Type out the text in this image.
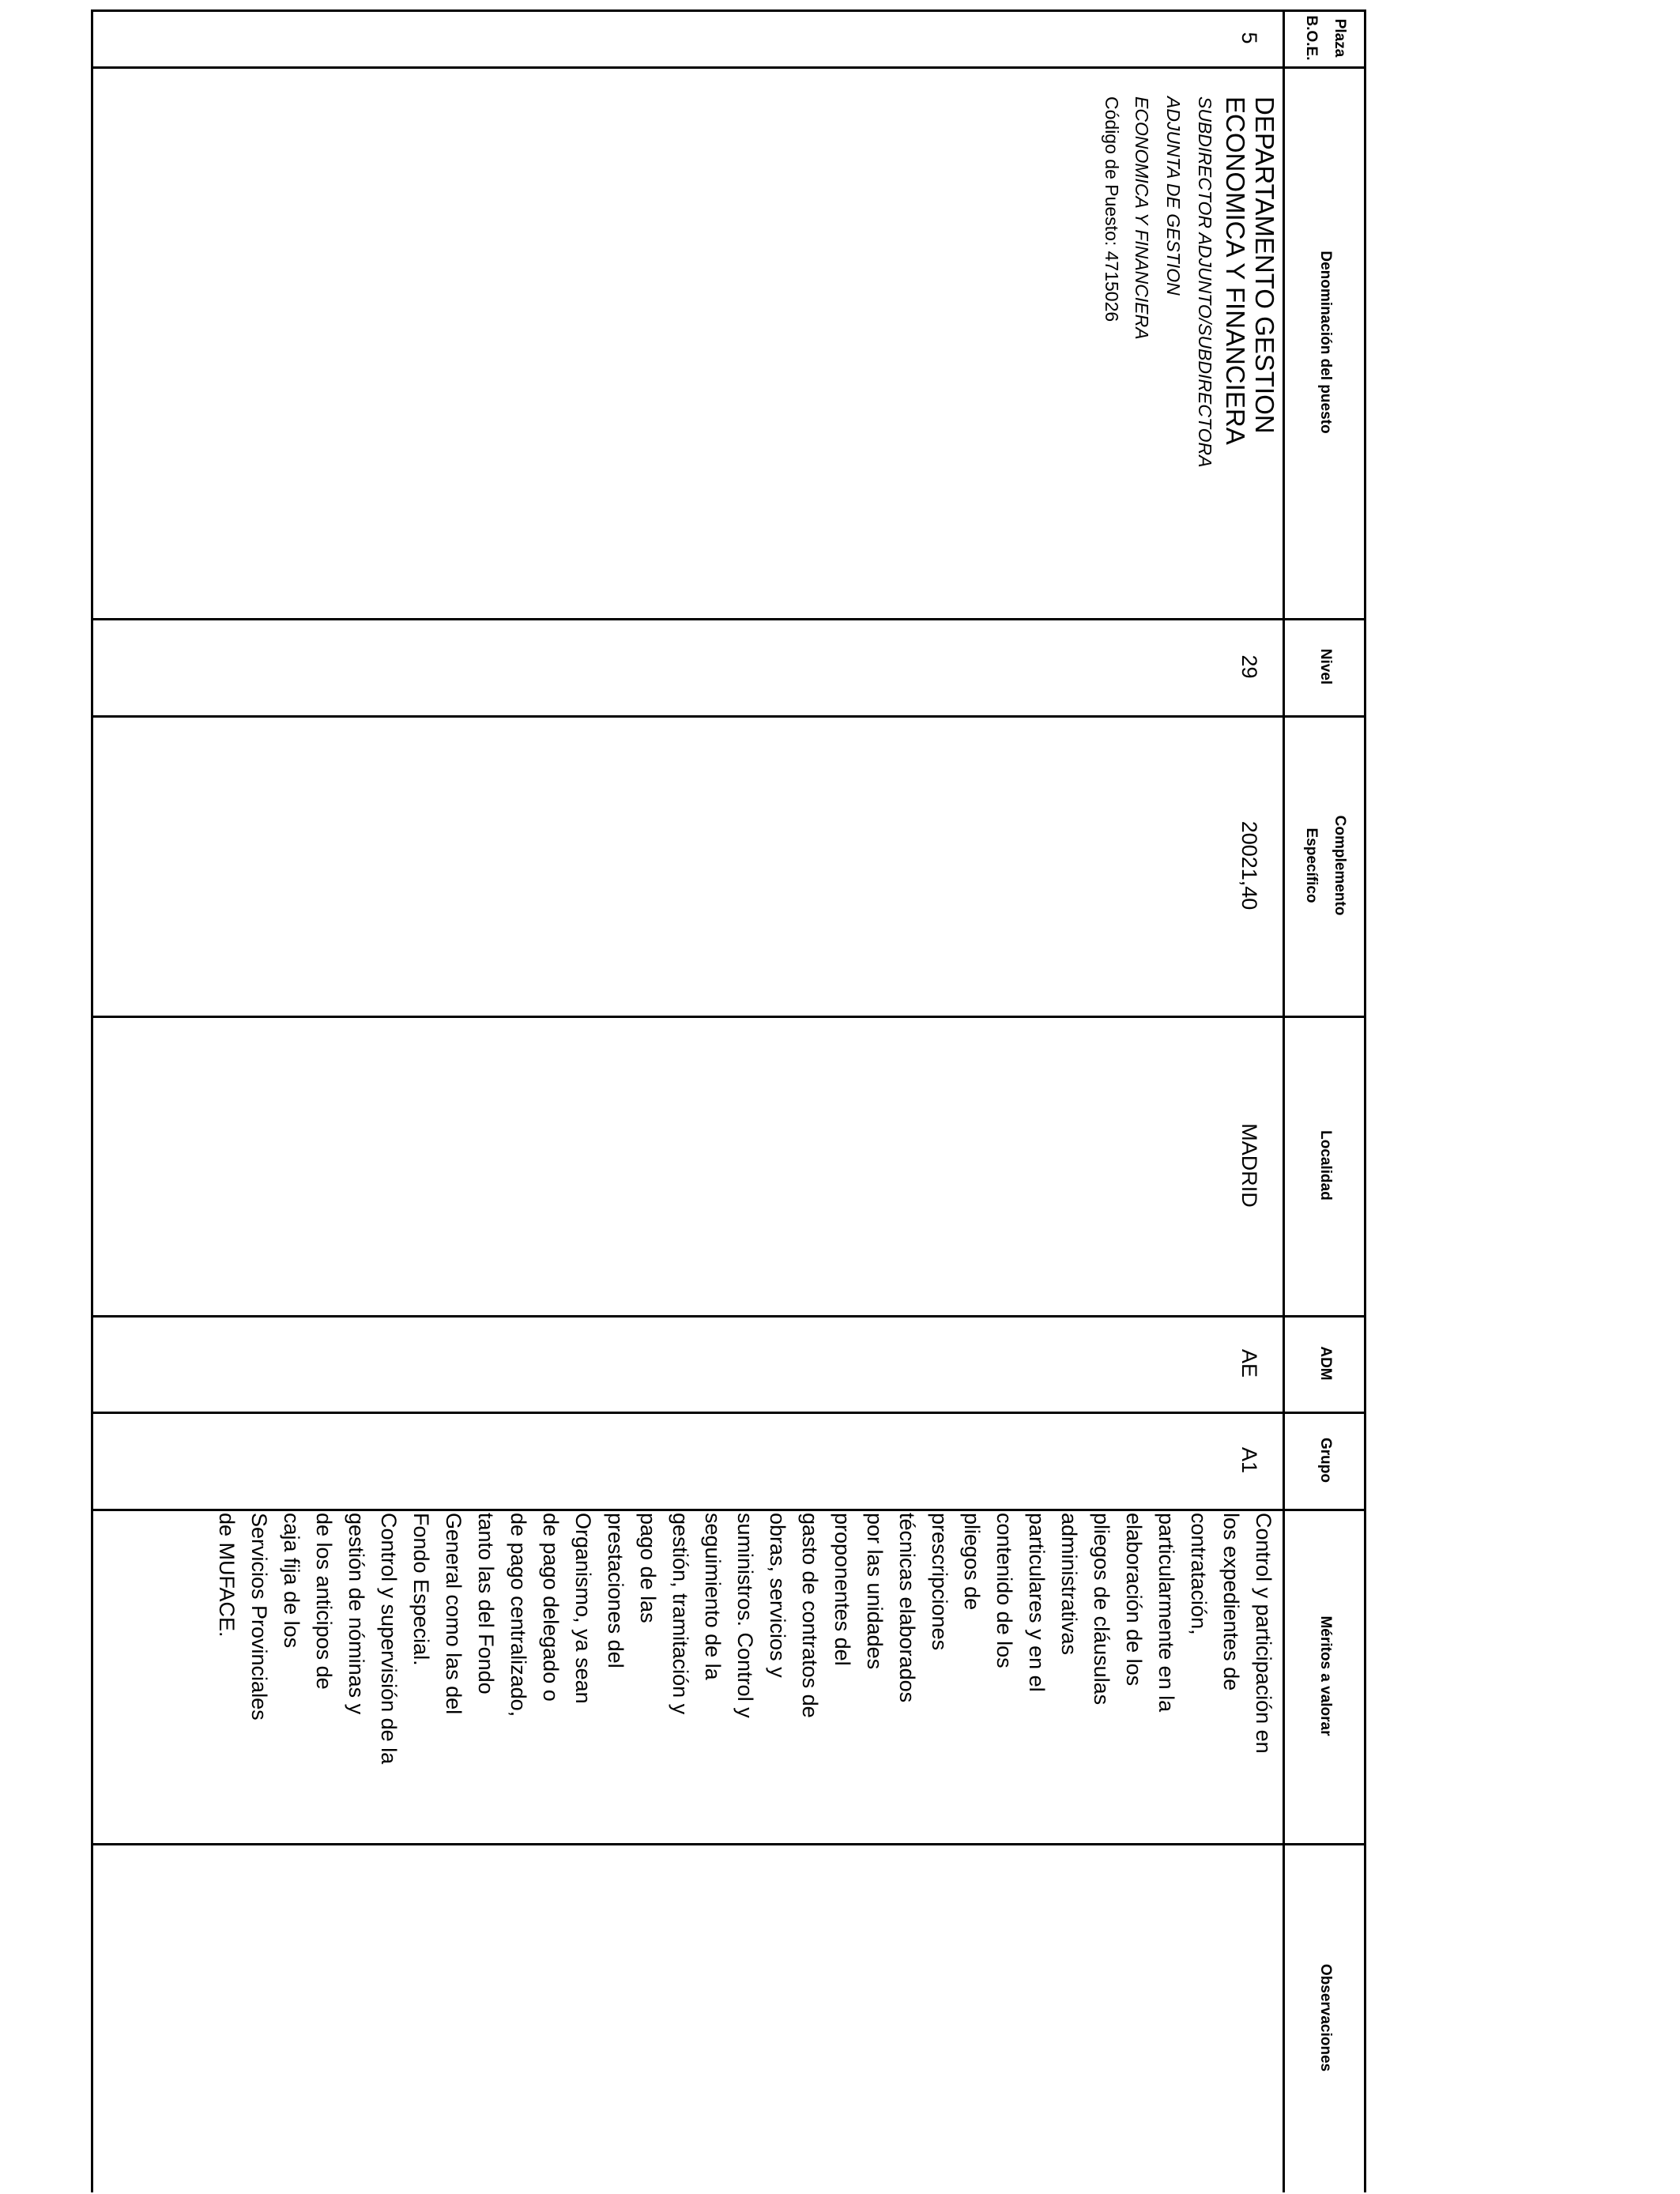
Plaza
B.O.E.
Denominación del puesto
Nivel
Complemento
Específico
Localidad
ADM
Grupo
Méritos a valorar
Observaciones
5
DEPARTAMENTO GESTION
ECONOMICA Y FINANCIERA
SUBDIRECTOR ADJUNTO/SUBDIRECTORA
ADJUNTA DE GESTION
ECONOMICA Y FINANCIERA
Código de Puesto: 4715026
29
20021,40
MADRID
AE
A1
Control y participación en
los expedientes de
contratación,
particularmente en la
elaboración de los
pliegos de cláusulas
administrativas
particulares y en el
contenido de los
pliegos de
prescripciones
técnicas elaborados
por las unidades
proponentes del
gasto de contratos de
obras, servicios y
suministros. Control y
seguimiento de la
gestión, tramitación y
pago de las
prestaciones del
Organismo, ya sean
de pago delegado o
de pago centralizado,
tanto las del Fondo
General como las del
Fondo Especial.
Control y supervisión de la
gestión de nóminas y
de los anticipos de
caja fija de los
Servicios Provinciales
de MUFACE.
